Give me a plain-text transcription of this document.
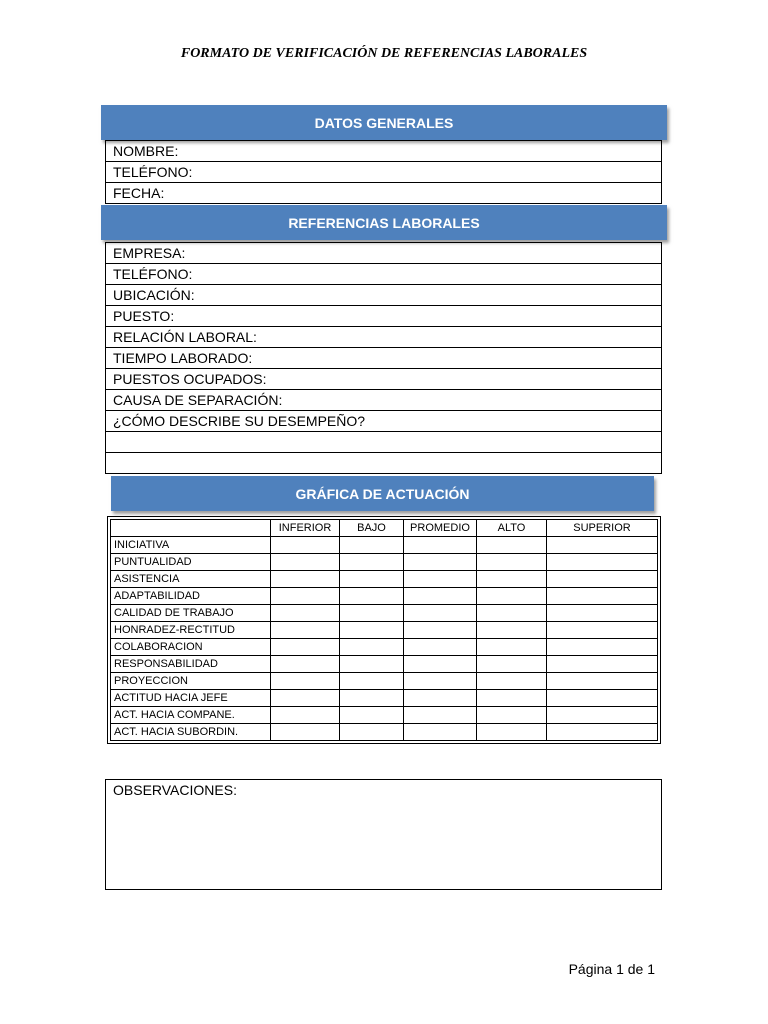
FORMATO DE VERIFICACIÓN DE REFERENCIAS LABORALES
DATOS GENERALES
NOMBRE:
TELÉFONO:
FECHA:
REFERENCIAS LABORALES
EMPRESA:
TELÉFONO:
UBICACIÓN:
PUESTO:
RELACIÓN LABORAL:
TIEMPO LABORADO:
PUESTOS OCUPADOS:
CAUSA DE SEPARACIÓN:
¿CÓMO DESCRIBE SU DESEMPEÑO?

GRÁFICA DE ACTUACIÓN
	INFERIOR	BAJO	PROMEDIO	ALTO	SUPERIOR
INICIATIVA					
PUNTUALIDAD					
ASISTENCIA					
ADAPTABILIDAD					
CALIDAD DE TRABAJO					
HONRADEZ-RECTITUD					
COLABORACION					
RESPONSABILIDAD					
PROYECCION					
ACTITUD HACIA JEFE					
ACT. HACIA COMPANE.					
ACT. HACIA SUBORDIN.					
OBSERVACIONES:
Página 1 de 1
